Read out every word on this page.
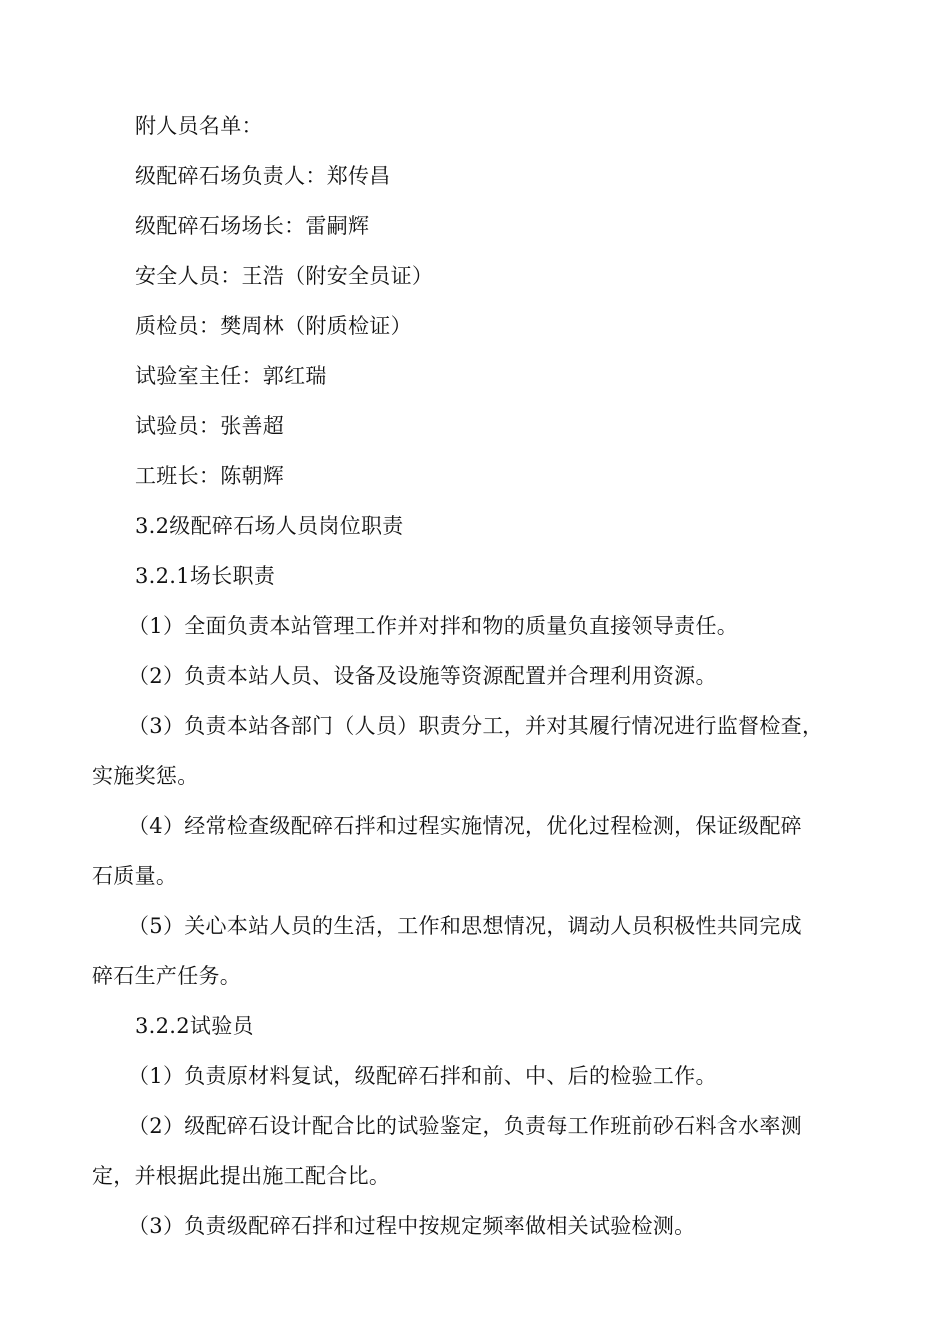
附人员名单：
级配碎石场负责人：郑传昌
级配碎石场场长：雷嗣辉
安全人员：王浩（附安全员证）
质检员：樊周林（附质检证）
试验室主任：郭红瑞
试验员：张善超
工班长：陈朝辉
3.2级配碎石场人员岗位职责
3.2.1场长职责
（1）全面负责本站管理工作并对拌和物的质量负直接领导责任。
（2）负责本站人员、设备及设施等资源配置并合理利用资源。
（3）负责本站各部门（人员）职责分工，并对其履行情况进行监督检查，
实施奖惩。
（4）经常检查级配碎石拌和过程实施情况，优化过程检测，保证级配碎
石质量。
（5）关心本站人员的生活，工作和思想情况，调动人员积极性共同完成
碎石生产任务。
3.2.2试验员
（1）负责原材料复试，级配碎石拌和前、中、后的检验工作。
（2）级配碎石设计配合比的试验鉴定，负责每工作班前砂石料含水率测
定，并根据此提出施工配合比。
（3）负责级配碎石拌和过程中按规定频率做相关试验检测。
